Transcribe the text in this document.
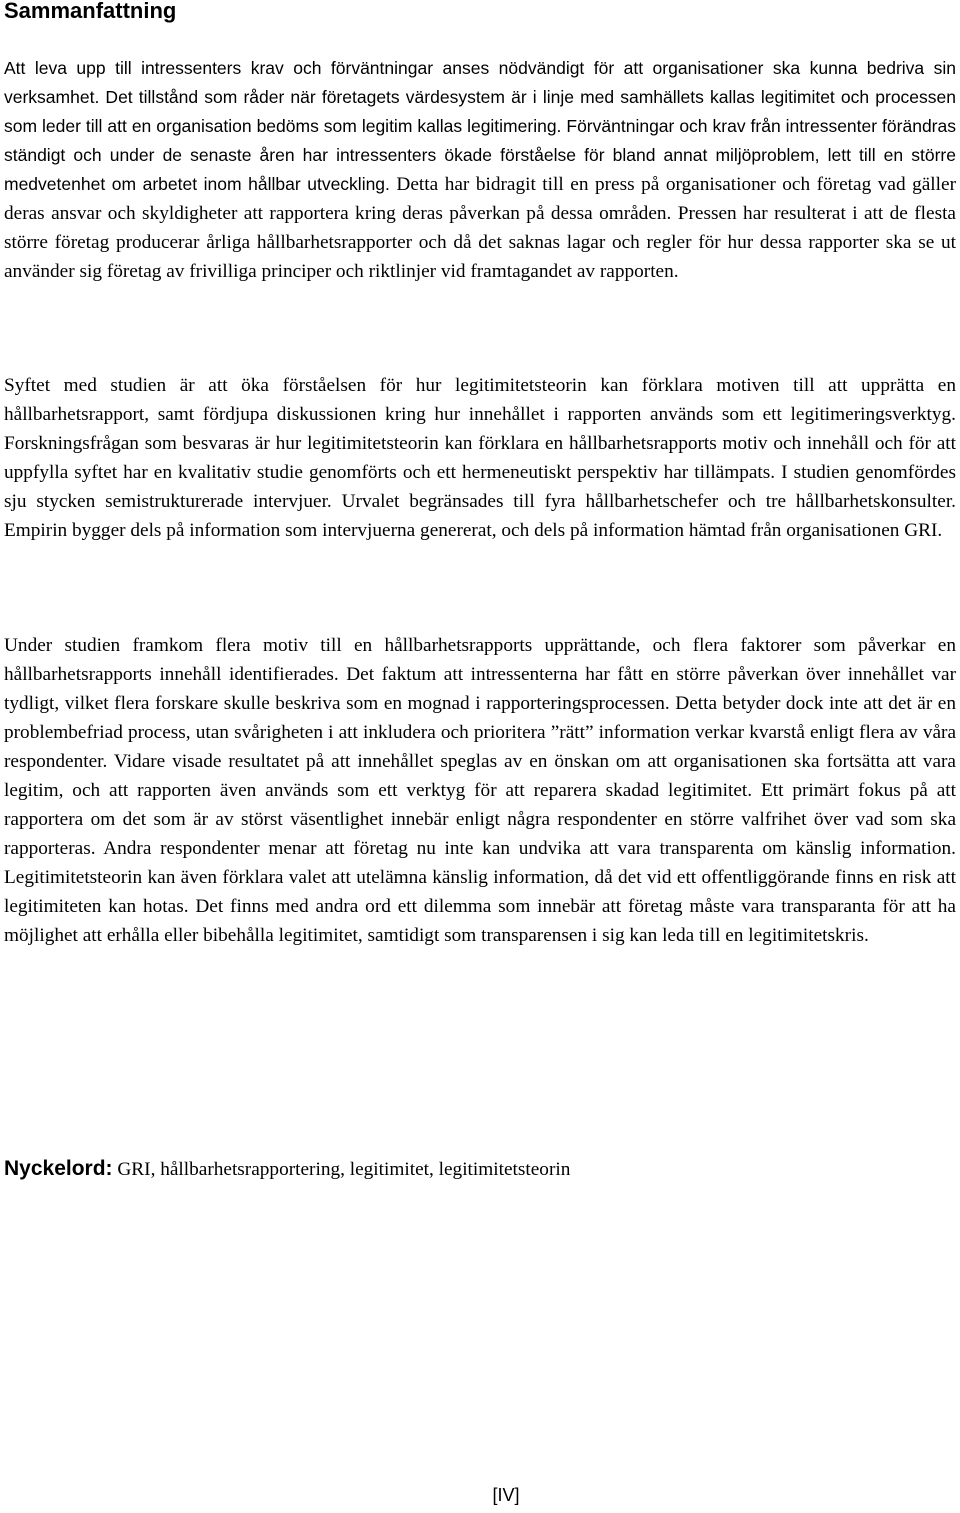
Sammanfattning

Att leva upp till intressenters krav och förväntningar anses nödvändigt för att organisationer ska kunna bedriva sin verksamhet. Det tillstånd som råder när företagets värdesystem är i linje med samhällets kallas legitimitet och processen som leder till att en organisation bedöms som legitim kallas legitimering. Förväntningar och krav från intressenter förändras ständigt och under de senaste åren har intressenters ökade förståelse för bland annat miljöproblem, lett till en större medvetenhet om arbetet inom hållbar utveckling. Detta har bidragit till en press på organisationer och företag vad gäller deras ansvar och skyldigheter att rapportera kring deras påverkan på dessa områden. Pressen har resulterat i att de flesta större företag producerar årliga hållbarhetsrapporter och då det saknas lagar och regler för hur dessa rapporter ska se ut använder sig företag av frivilliga principer och riktlinjer vid framtagandet av rapporten.

Syftet med studien är att öka förståelsen för hur legitimitetsteorin kan förklara motiven till att upprätta en hållbarhetsrapport, samt fördjupa diskussionen kring hur innehållet i rapporten används som ett legitimeringsverktyg. Forskningsfrågan som besvaras är hur legitimitetsteorin kan förklara en hållbarhetsrapports motiv och innehåll och för att uppfylla syftet har en kvalitativ studie genomförts och ett hermeneutiskt perspektiv har tillämpats. I studien genomfördes sju stycken semistrukturerade intervjuer. Urvalet begränsades till fyra hållbarhetschefer och tre hållbarhetskonsulter. Empirin bygger dels på information som intervjuerna genererat, och dels på information hämtad från organisationen GRI.

Under studien framkom flera motiv till en hållbarhetsrapports upprättande, och flera faktorer som påverkar en hållbarhetsrapports innehåll identifierades. Det faktum att intressenterna har fått en större påverkan över innehållet var tydligt, vilket flera forskare skulle beskriva som en mognad i rapporteringsprocessen. Detta betyder dock inte att det är en problembefriad process, utan svårigheten i att inkludera och prioritera ”rätt” information verkar kvarstå enligt flera av våra respondenter. Vidare visade resultatet på att innehållet speglas av en önskan om att organisationen ska fortsätta att vara legitim, och att rapporten även används som ett verktyg för att reparera skadad legitimitet. Ett primärt fokus på att rapportera om det som är av störst väsentlighet innebär enligt några respondenter en större valfrihet över vad som ska rapporteras. Andra respondenter menar att företag nu inte kan undvika att vara transparenta om känslig information. Legitimitetsteorin kan även förklara valet att utelämna känslig information, då det vid ett offentliggörande finns en risk att legitimiteten kan hotas. Det finns med andra ord ett dilemma som innebär att företag måste vara transparanta för att ha möjlighet att erhålla eller bibehålla legitimitet, samtidigt som transparensen i sig kan leda till en legitimitetskris.

Nyckelord: GRI, hållbarhetsrapportering, legitimitet, legitimitetsteorin

[IV]
